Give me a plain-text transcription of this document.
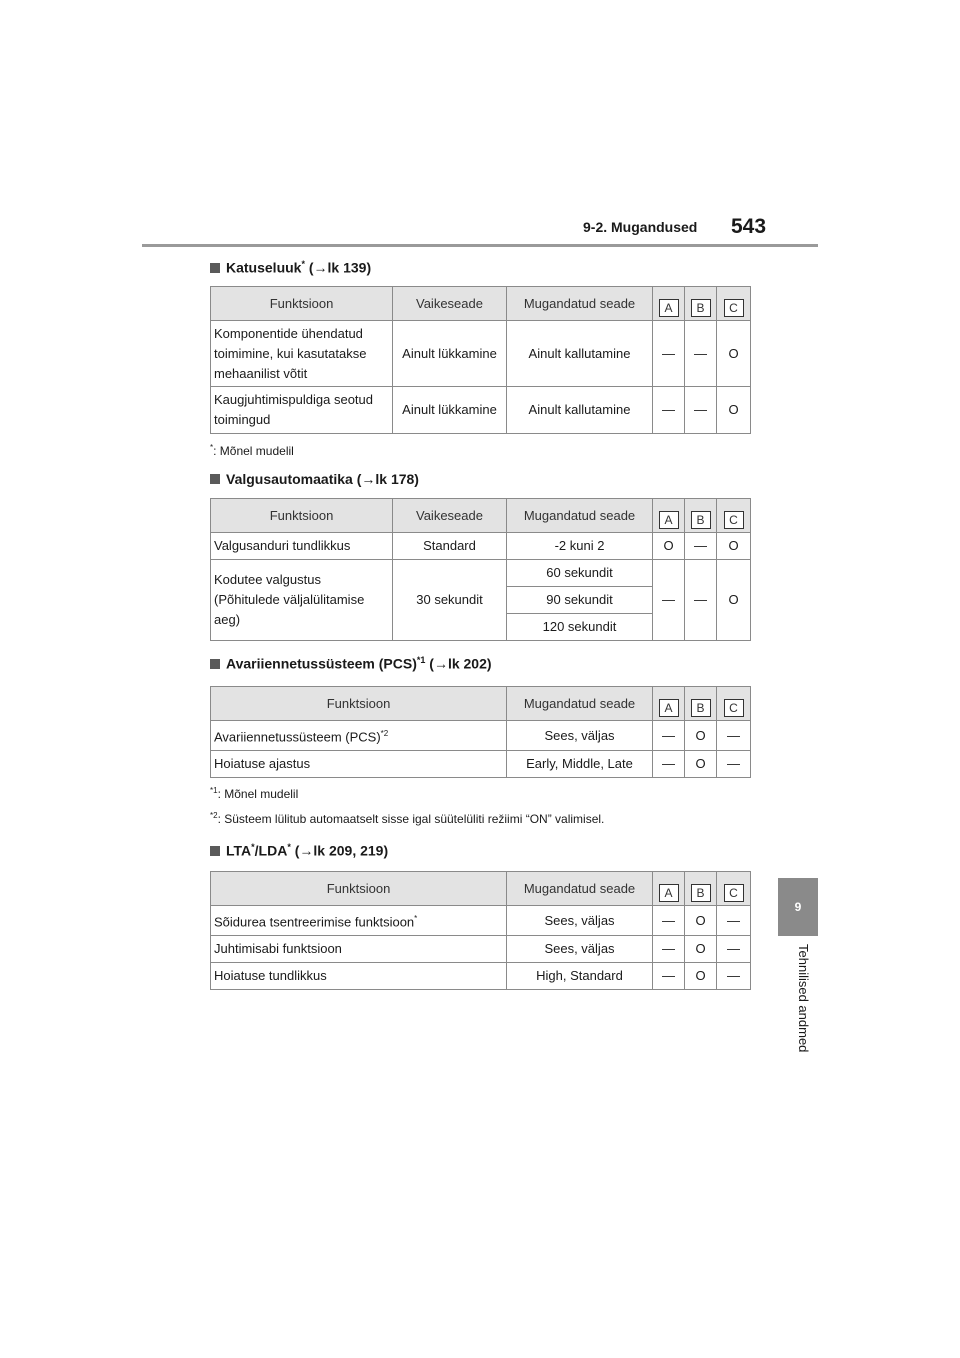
9-2. Mugandused 543
9
Tehnilised andmed
Katuseluuk* (→lk 139)
Funktsioon	Vaikeseade	Mugandatud seade	A	B	C
Komponentide ühendatud toimimine, kui kasutatakse mehaanilist võtit	Ainult lükkamine	Ainult kallutamine	—	—	O
Kaugjuhtimispuldiga seotud toimingud	Ainult lükkamine	Ainult kallutamine	—	—	O
*: Mõnel mudelil
Valgusautomaatika (→lk 178)
Funktsioon	Vaikeseade	Mugandatud seade	A	B	C
Valgusanduri tundlikkus	Standard	-2 kuni 2	O	—	O
Kodutee valgustus (Põhitulede väljalülitamise aeg)	30 sekundit	60 sekundit	—	—	O
		90 sekundit			
		120 sekundit			
Avariiennetussüsteem (PCS)$^{*1}$ (→lk 202)
Funktsioon	Mugandatud seade	A	B	C
Avariiennetussüsteem (PCS)$^{*2}$	Sees, väljas	—	O	—
Hoiatuse ajastus	Early, Middle, Late	—	O	—
$^{*1}$: Mõnel mudelil
$^{*2}$: Süsteem lülitub automaatselt sisse igal süütelüliti režiimi “ON” valimisel.
LTA*/LDA* (→lk 209, 219)
Funktsioon	Mugandatud seade	A	B	C
Sõidurea tsentreerimise funktsioon*	Sees, väljas	—	O	—
Juhtimisabi funktsioon	Sees, väljas	—	O	—
Hoiatuse tundlikkus	High, Standard	—	O	—
